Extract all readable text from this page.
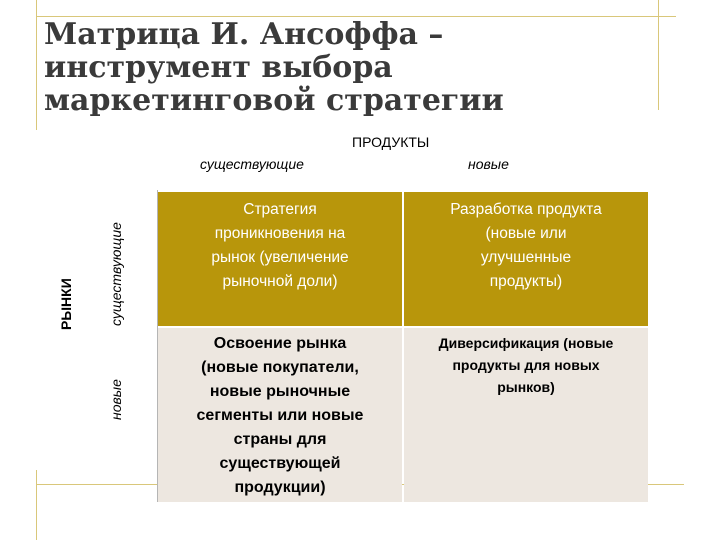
Матрица И. Ансоффа –
инструмент выбора
маркетинговой стратегии
ПРОДУКТЫ
существующие	новые
РЫНКИ существующие
новые
Стратегия
проникновения на
рынок (увеличение
рыночной доли)
Разработка продукта
(новые или
улучшенные
продукты)
Освоение рынка
(новые покупатели,
новые рыночные
сегменты или новые
страны для
существующей
продукции)
Диверсификация (новые
продукты для новых
рынков)
